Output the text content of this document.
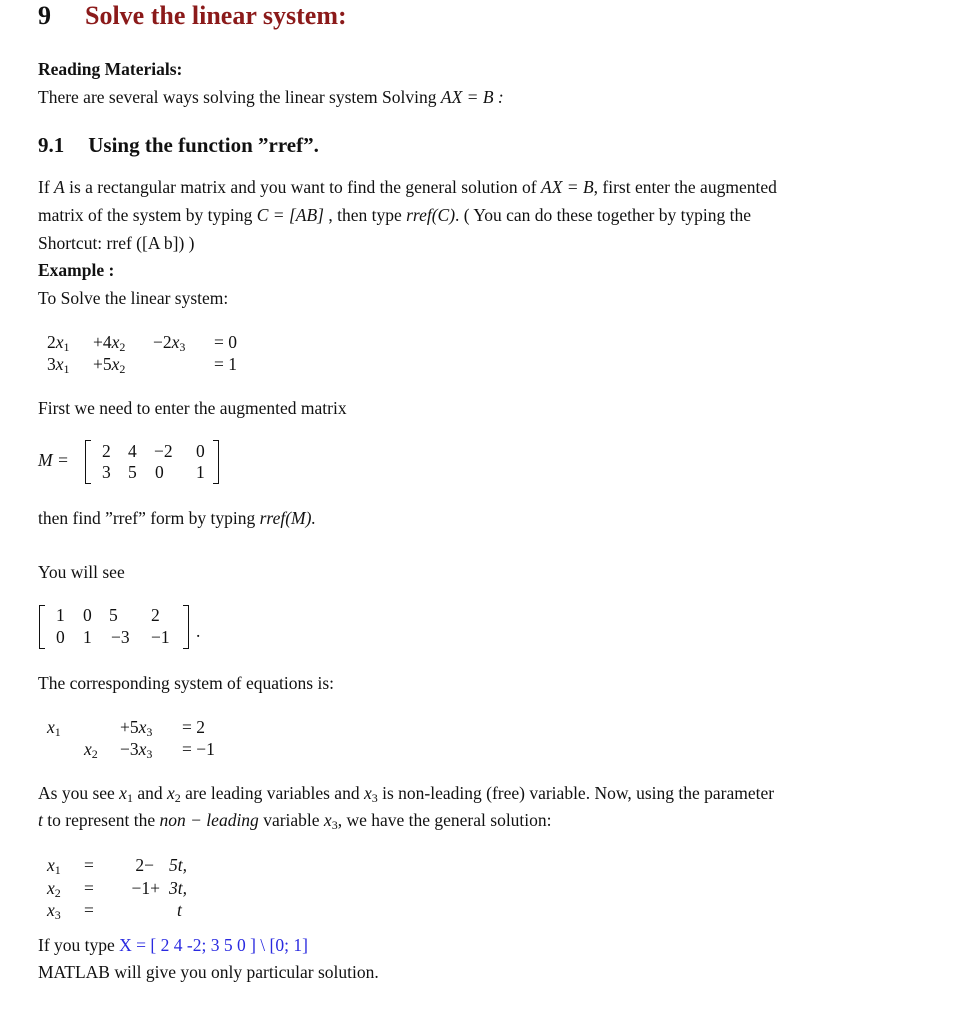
9 Solve the linear system:
Reading Materials:
There are several ways solving the linear system Solving AX = B :
9.1 Using the function ”rref”.
If A is a rectangular matrix and you want to find the general solution of AX = B, first enter the augmented
matrix of the system by typing C = [AB] , then type rref(C). ( You can do these together by typing the
Shortcut: rref ([A b]) )
Example :
To Solve the linear system:
$2x_1 +4x_2 -2x_3 = 0$
$3x_1 +5x_2$	= 1
First we need to enter the augmented matrix
M = 2 4 −2 0
3 5 0 1
then find ”rref” form by typing rref(M).
You will see
1 0 5 2
0 1 −3 −1 .
The corresponding system of equations is:
$x_1$	$+5x_3 = 2$
$x_2 -3x_3 = -1$
As you see $x_1$ and $x_2$ are leading variables and $x_3$ is non-leading (free) variable. Now, using the parameter
t to represent the non − leading variable $x_3$, we have the general solution:
$x_1$ =	2− 5t,
$x_2$ =	−1+ 3t,
$x_3$ =	t
If you type X = [ 2 4 -2; 3 5 0 ] \ [0; 1]
MATLAB will give you only particular solution.
